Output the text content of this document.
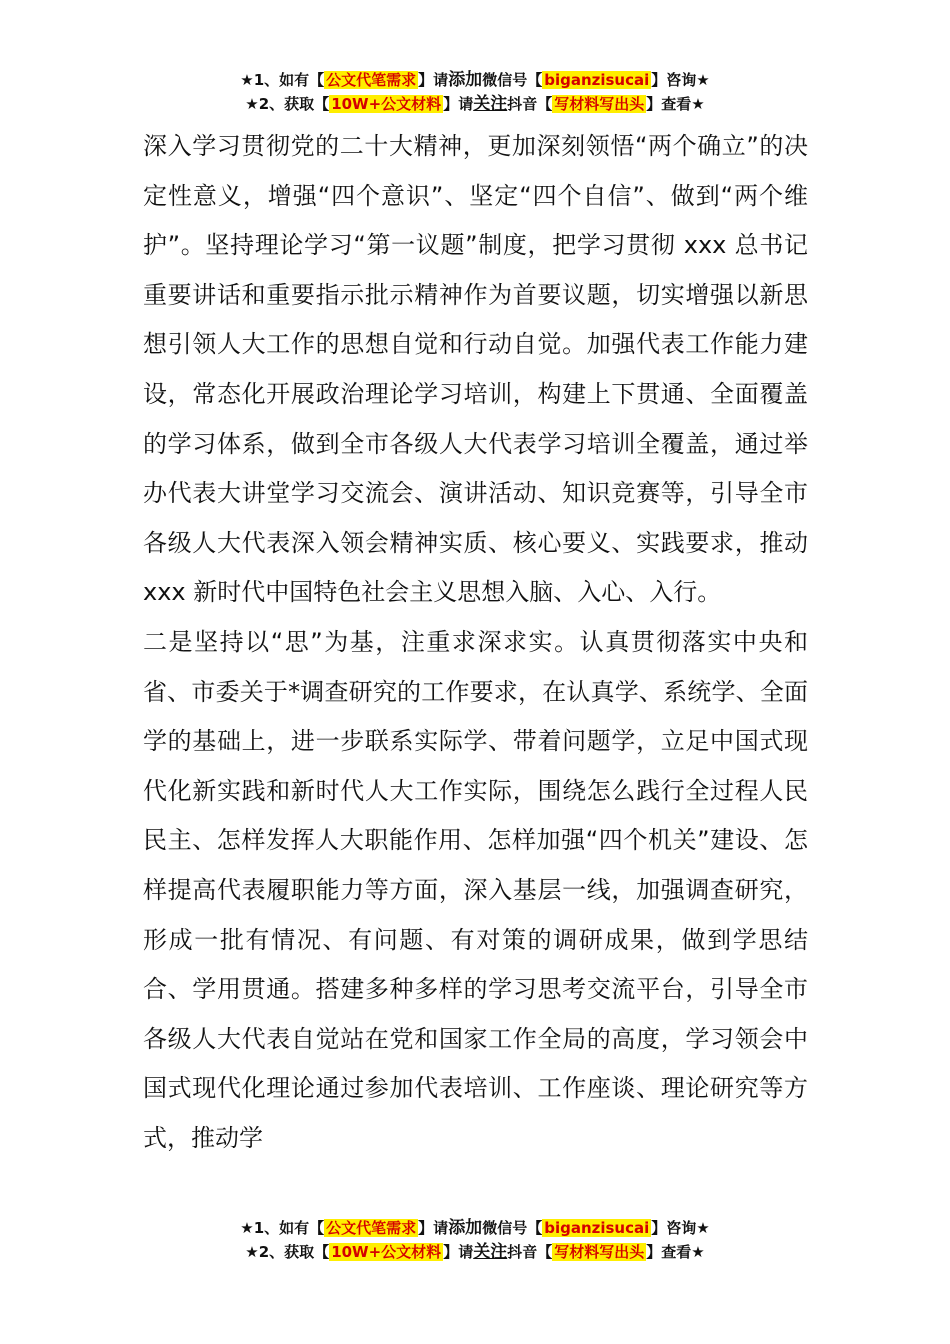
★1、如有【 公文代笔需求 】请添加微信号【 biganzisucai 】咨询★
★2、获取【 10W+公文材料 】请关注抖音【 写材料写出头 】查看★

深入学习贯彻党的二十大精神，更加深刻领悟“两个确立”的决定性意义，增强“四个意识”、坚定“四个自信”、做到“两个维护”。坚持理论学习“第一议题”制度，把学习贯彻 xxx 总书记重要讲话和重要指示批示精神作为首要议题，切实增强以新思想引领人大工作的思想自觉和行动自觉。加强代表工作能力建设，常态化开展政治理论学习培训，构建上下贯通、全面覆盖的学习体系，做到全市各级人大代表学习培训全覆盖，通过举办代表大讲堂学习交流会、演讲活动、知识竞赛等，引导全市各级人大代表深入领会精神实质、核心要义、实践要求，推动 xxx 新时代中国特色社会主义思想入脑、入心、入行。

二是坚持以“思”为基，注重求深求实。认真贯彻落实中央和省、市委关于*调查研究的工作要求，在认真学、系统学、全面学的基础上，进一步联系实际学、带着问题学，立足中国式现代化新实践和新时代人大工作实际，围绕怎么践行全过程人民民主、怎样发挥人大职能作用、怎样加强“四个机关”建设、怎样提高代表履职能力等方面，深入基层一线，加强调查研究，形成一批有情况、有问题、有对策的调研成果，做到学思结合、学用贯通。搭建多种多样的学习思考交流平台，引导全市各级人大代表自觉站在党和国家工作全局的高度，学习领会中国式现代化理论通过参加代表培训、工作座谈、理论研究等方式，推动学

★1、如有【 公文代笔需求 】请添加微信号【 biganzisucai 】咨询★
★2、获取【 10W+公文材料 】请关注抖音【 写材料写出头 】查看★
